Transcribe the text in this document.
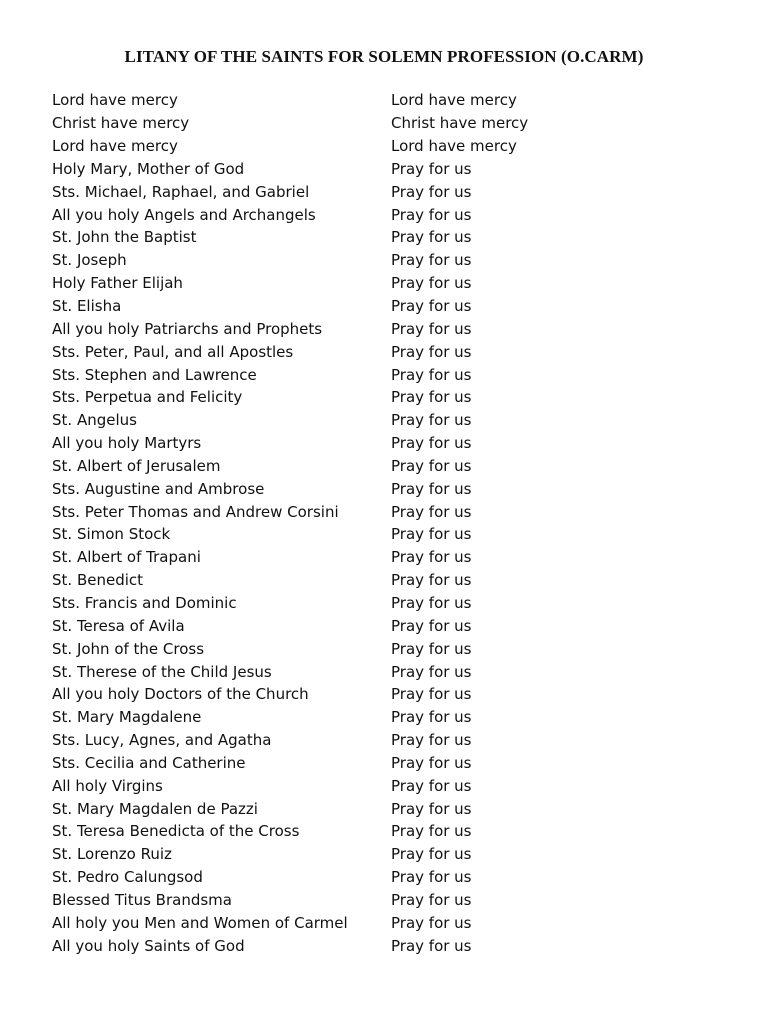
LITANY OF THE SAINTS FOR SOLEMN PROFESSION (O.CARM)
Lord have mercy	Lord have mercy
Christ have mercy	Christ have mercy
Lord have mercy	Lord have mercy
Holy Mary, Mother of God	Pray for us
Sts. Michael, Raphael, and Gabriel	Pray for us
All you holy Angels and Archangels	Pray for us
St. John the Baptist	Pray for us
St. Joseph	Pray for us
Holy Father Elijah	Pray for us
St. Elisha	Pray for us
All you holy Patriarchs and Prophets	Pray for us
Sts. Peter, Paul, and all Apostles	Pray for us
Sts. Stephen and Lawrence	Pray for us
Sts. Perpetua and Felicity	Pray for us
St. Angelus	Pray for us
All you holy Martyrs	Pray for us
St. Albert of Jerusalem	Pray for us
Sts. Augustine and Ambrose	Pray for us
Sts. Peter Thomas and Andrew Corsini	Pray for us
St. Simon Stock	Pray for us
St. Albert of Trapani	Pray for us
St. Benedict	Pray for us
Sts. Francis and Dominic	Pray for us
St. Teresa of Avila	Pray for us
St. John of the Cross	Pray for us
St. Therese of the Child Jesus	Pray for us
All you holy Doctors of the Church	Pray for us
St. Mary Magdalene	Pray for us
Sts. Lucy, Agnes, and Agatha	Pray for us
Sts. Cecilia and Catherine	Pray for us
All holy Virgins	Pray for us
St. Mary Magdalen de Pazzi	Pray for us
St. Teresa Benedicta of the Cross	Pray for us
St. Lorenzo Ruiz	Pray for us
St. Pedro Calungsod	Pray for us
Blessed Titus Brandsma	Pray for us
All holy you Men and Women of Carmel	Pray for us
All you holy Saints of God	Pray for us
